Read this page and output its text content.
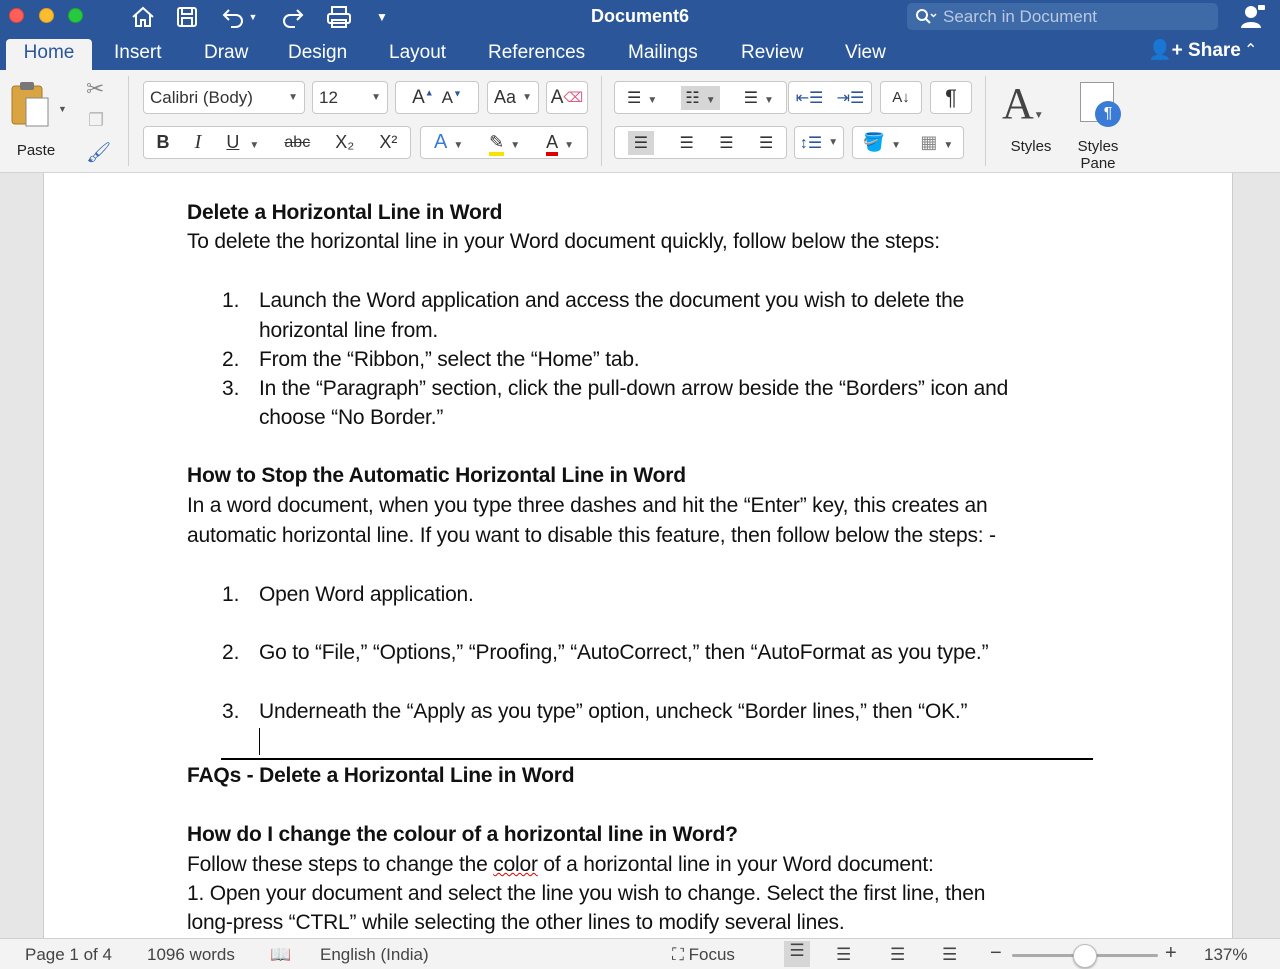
▼	▼	Document6
Search in Document
Home	Insert	Draw	Design	Layout	References	Mailings	Review	View	👤+ Share ⌃
▼
Paste
✂
❐
🖌
Calibri (Body)	▼ 12	▼ A▲ A▼	Aa ▼ A ⌫
B I U ▼ abc X₂ X² A ▼ ✎ ▼ A ▼
☰ ▼ ☷ ▼ ☰ ▼ ⇤☰ ⇥☰	A↓	¶
☰	☰ ☰ ☰	↕☰ ▼ 🪣 ▼ ▦ ▼
A▼
Styles
¶
Styles
Pane
Delete a Horizontal Line in Word
To delete the horizontal line in your Word document quickly, follow below the steps:
1. Launch the Word application and access the document you wish to delete the
horizontal line from.
2. From the “Ribbon,” select the “Home” tab.
3. In the “Paragraph” section, click the pull-down arrow beside the “Borders” icon and
choose “No Border.”
How to Stop the Automatic Horizontal Line in Word
In a word document, when you type three dashes and hit the “Enter” key, this creates an
automatic horizontal line. If you want to disable this feature, then follow below the steps: -
1. Open Word application.
2. Go to “File,” “Options,” “Proofing,” “AutoCorrect,” then “AutoFormat as you type.”
3. Underneath the “Apply as you type” option, uncheck “Border lines,” then “OK.”
FAQs - Delete a Horizontal Line in Word
How do I change the colour of a horizontal line in Word?
Follow these steps to change the color of a horizontal line in your Word document:
1. Open your document and select the line you wish to change. Select the first line, then
long-press “CTRL” while selecting the other lines to modify several lines.
Page 1 of 4 1096 words 📖 English (India)	⛶ Focus	☰	☰ ☰ ☰ −	+ 137%
